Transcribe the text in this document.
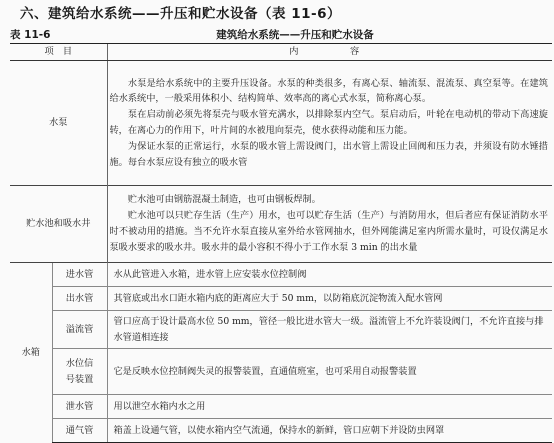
六、建筑给水系统——升压和贮水设备（表 11-6）
表 11-6	建筑给水系统——升压和贮水设备
项　目		内　　容
水泵		水泵是给水系统中的主要升压设备。水泵的种类很多，有离心泵、轴流泵、混流泵、真空泵等。在建筑给水系统中，一般采用体积小、结构简单、效率高的离心式水泵，简称离心泵。

泵在启动前必须先将泵壳与吸水管充满水，以排除泵内空气。泵启动后，叶轮在电动机的带动下高速旋转，在离心力的作用下，叶片间的水被甩向泵壳，使水获得动能和压力能。

为保证水泵的正常运行，水泵的吸水管上需设阀门，出水管上需设止回阀和压力表，并须设有防水锤措施。每台水泵应设有独立的吸水管

贮水池和吸水井		贮水池可由钢筋混凝土制造，也可由钢板焊制。

贮水池可以只贮存生活（生产）用水，也可以贮存生活（生产）与消防用水，但后者应有保证消防水平时不被动用的措施。当不允许水泵直接从室外给水管网抽水，但外网能满足室内所需水量时，可设仅满足水泵吸水要求的吸水井。吸水井的最小容积不得小于工作水泵 3 min 的出水量

水箱	进水管	水从此管进入水箱，进水管上应安装水位控制阀
	出水管	其管底或出水口距水箱内底的距离应大于 50 mm，以防箱底沉淀物流入配水管网
	溢流管	管口应高于设计最高水位 50 mm，管径一般比进水管大一级。溢流管上不允许装设阀门，不允许直接与排水管道相连接

	水位信
号装置	它是反映水位控制阀失灵的报警装置，直通值班室，也可采用自动报警装置
	泄水管	用以泄空水箱内水之用
	通气管	箱盖上设通气管，以使水箱内空气流通，保持水的新鲜，管口应朝下并设防虫网罩
